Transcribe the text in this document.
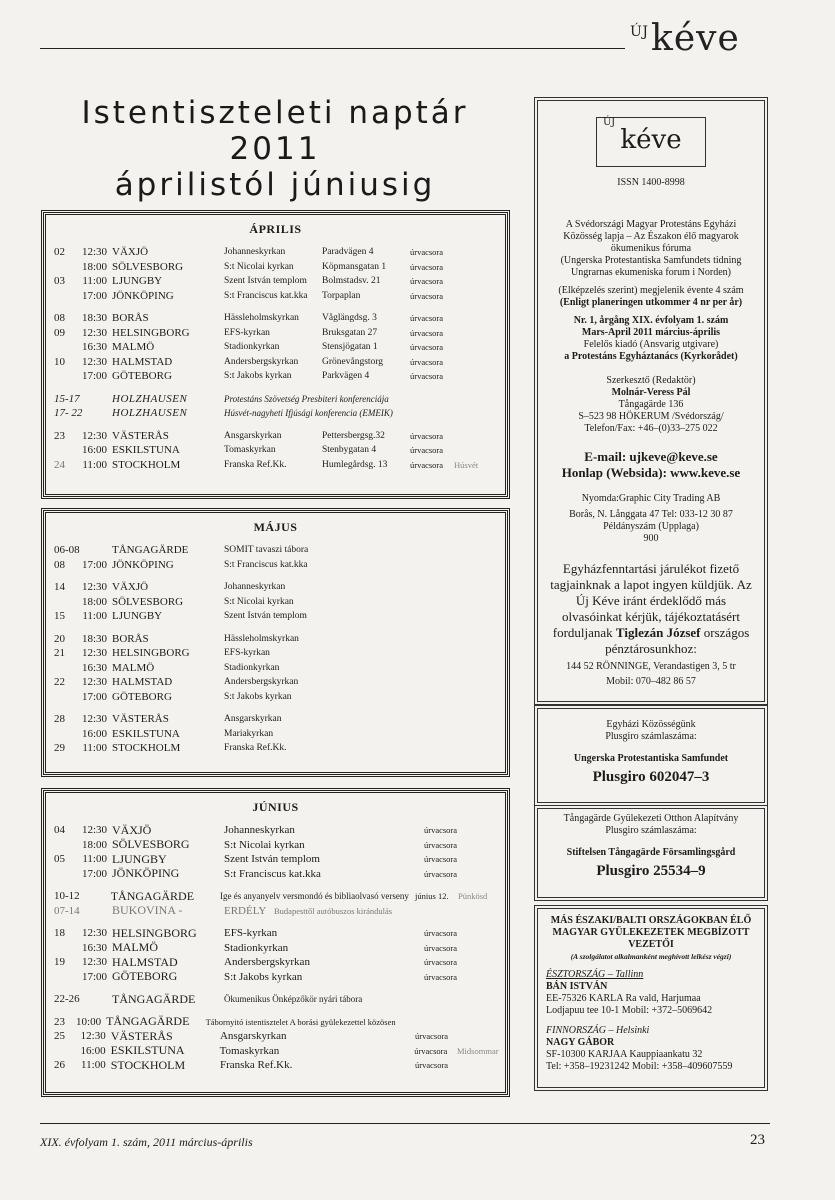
$^{ÚJ}$kéve
Istentiszteleti naptár
2011
áprilistól júniusig
ÁPRILIS
02	12:30 VÄXJÖ	Johanneskyrkan	Paradvägen 4	úrvacsora
18:00 SÖLVESBORG	S:t Nicolai kyrkan	Köpmansgatan 1	úrvacsora
03	11:00 LJUNGBY	Szent István templom	Bolmstadsv. 21	úrvacsora
17:00 JÖNKÖPING	S:t Franciscus kat.kka	Torpaplan	úrvacsora
08	18:30 BORÅS	Hässleholmskyrkan	Våglängdsg. 3	úrvacsora
09	12:30 HELSINGBORG	EFS-kyrkan	Bruksgatan 27	úrvacsora
16:30 MALMÖ	Stadionkyrkan	Stensjögatan 1	úrvacsora
10	12:30 HALMSTAD	Andersbergskyrkan	Grönevångstorg	úrvacsora
17:00 GÖTEBORG	S:t Jakobs kyrkan	Parkvägen 4	úrvacsora
15-17	HOLZHAUSEN	Protestáns Szövetség Presbiteri konferenciája
17- 22	HOLZHAUSEN	Húsvét-nagyheti Ifjúsági konferencia (EMEIK)
23	12:30 VÄSTERÅS	Ansgarskyrkan	Pettersbergsg.32	úrvacsora
16:00 ESKILSTUNA	Tomaskyrkan	Stenbygatan 4	úrvacsora
24	11:00 STOCKHOLM	Franska Ref.Kk.	Humlegårdsg. 13	úrvacsora	Húsvét
MÁJUS
06-08	TÅNGAGÄRDE	SOMIT tavaszi tábora
08	17:00 JÖNKÖPING	S:t Franciscus kat.kka
14	12:30 VÄXJÖ	Johanneskyrkan
18:00 SÖLVESBORG	S:t Nicolai kyrkan
15	11:00 LJUNGBY	Szent István templom
20	18:30 BORÅS	Hässleholmskyrkan
21	12:30 HELSINGBORG	EFS-kyrkan
16:30 MALMÖ	Stadionkyrkan
22	12:30 HALMSTAD	Andersbergskyrkan
17:00 GÖTEBORG	S:t Jakobs kyrkan
28	12:30 VÄSTERÅS	Ansgarskyrkan
16:00 ESKILSTUNA	Mariakyrkan
29	11:00 STOCKHOLM	Franska Ref.Kk.
JÚNIUS
04	12:30 VÄXJÖ	Johanneskyrkan	úrvacsora
18:00 SÖLVESBORG	S:t Nicolai kyrkan	úrvacsora
05	11:00 LJUNGBY	Szent István templom	úrvacsora
17:00 JÖNKÖPING	S:t Franciscus kat.kka	úrvacsora
10-12	TÅNGAGÄRDE	Ige és anyanyelv versmondó és bibliaolvasó verseny június 12.	Pünkösd
07-14	BUKOVINA -	ERDÉLY Budapesttől autóbuszos kirándulás
18	12:30 HELSINGBORG	EFS-kyrkan	úrvacsora
16:30 MALMÖ	Stadionkyrkan	úrvacsora
19	12:30 HALMSTAD	Andersbergskyrkan	úrvacsora
17:00 GÖTEBORG	S:t Jakobs kyrkan	úrvacsora
22-26	TÅNGAGÄRDE	Ökumenikus Önképzőkör nyári tábora
23	10:00 TÅNGAGÄRDE	Tábornyitó istentisztelet A borási gyülekezettel közösen
25	12:30 VÄSTERÅS	Ansgarskyrkan	úrvacsora
16:00 ESKILSTUNA	Tomaskyrkan	úrvacsora	Midsommar
26	11:00 STOCKHOLM	Franska Ref.Kk.	úrvacsora
ÚJ
kéve
ISSN 1400-8998
A Svédországi Magyar Protestáns Egyházi Közösség lapja – Az Északon élő magyarok ökumenikus fóruma
(Ungerska Protestantiska Samfundets tidning Ungrarnas ekumeniska forum i Norden)
(Elképzelés szerint) megjelenik évente 4 szám
(Enligt planeringen utkommer 4 nr per år)
Nr. 1, årgång XIX. évfolyam 1. szám
Mars-April 2011 március-április
Felelős kiadó (Ansvarig utgivare)
a Protestáns Egyháztanács (Kyrkorådet)
Szerkesztő (Redaktör)
Molnár-Veress Pál
Tångagärde 136
S–523 98 HÖKERUM /Svédország/
Telefon/Fax: +46–(0)33–275 022
E-mail: ujkeve@keve.se
Honlap (Websida): www.keve.se
Nyomda:Graphic City Trading AB
Borås, N. Långgata 47 Tel: 033-12 30 87
Példányszám (Upplaga)
900
Egyházfenntartási járulékot fizető tagjainknak a lapot ingyen küldjük. Az Új Kéve iránt érdeklődő más olvasóinkat kérjük, tájékoztatásért forduljanak Tiglezán József országos pénztárosunkhoz:
144 52 RÖNNINGE, Verandastigen 3, 5 tr
Mobil: 070–482 86 57
Egyházi Közösségünk
Plusgiro számlaszáma:
Ungerska Protestantiska Samfundet
Plusgiro 602047–3
Tångagärde Gyülekezeti Otthon Alapítvány
Plusgiro számlaszáma:
Stiftelsen Tångagärde Församlingsgård
Plusgiro 25534–9
MÁS ÉSZAKI/BALTI ORSZÁGOKBAN ÉLŐ MAGYAR GYÜLEKEZETEK MEGBÍZOTT VEZETŐI
(A szolgálatot alkalmanként meghívott lelkész végzi)
ÉSZTORSZÁG – Tallinn
BÁN ISTVÁN
EE-75326 KARLA Ra vald, Harjumaa
Lodjapuu tee 10-1 Mobil: +372–5069642
FINNORSZÁG – Helsinki
NAGY GÁBOR
SF-10300 KARJAA Kauppiaankatu 32
Tel: +358–19231242 Mobil: +358–409607559
XIX. évfolyam 1. szám, 2011 március-április	23
